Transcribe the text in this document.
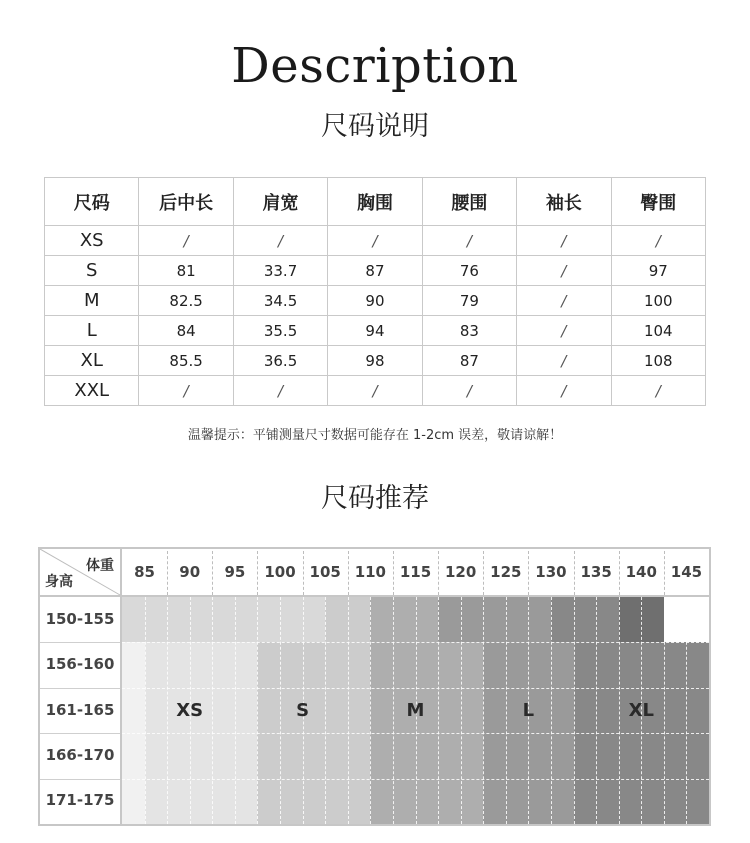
Description
尺码说明
尺码	后中长	肩宽	胸围	腰围	袖长	臀围
XS	/	/	/	/	/	/
S	81	33.7	87	76	/	97
M	82.5	34.5	90	79	/	100
L	84	35.5	94	83	/	104
XL	85.5	36.5	98	87	/	108
XXL	/	/	/	/	/	/
温馨提示：平铺测量尺寸数据可能存在 1-2cm 误差，敬请谅解！
尺码推荐
体重
身高
85	90	95	100 105 110 115 120 125 130 135 140 145
150-155
156-160
161-165
166-170
171-175
XS	S	M	L	XL
